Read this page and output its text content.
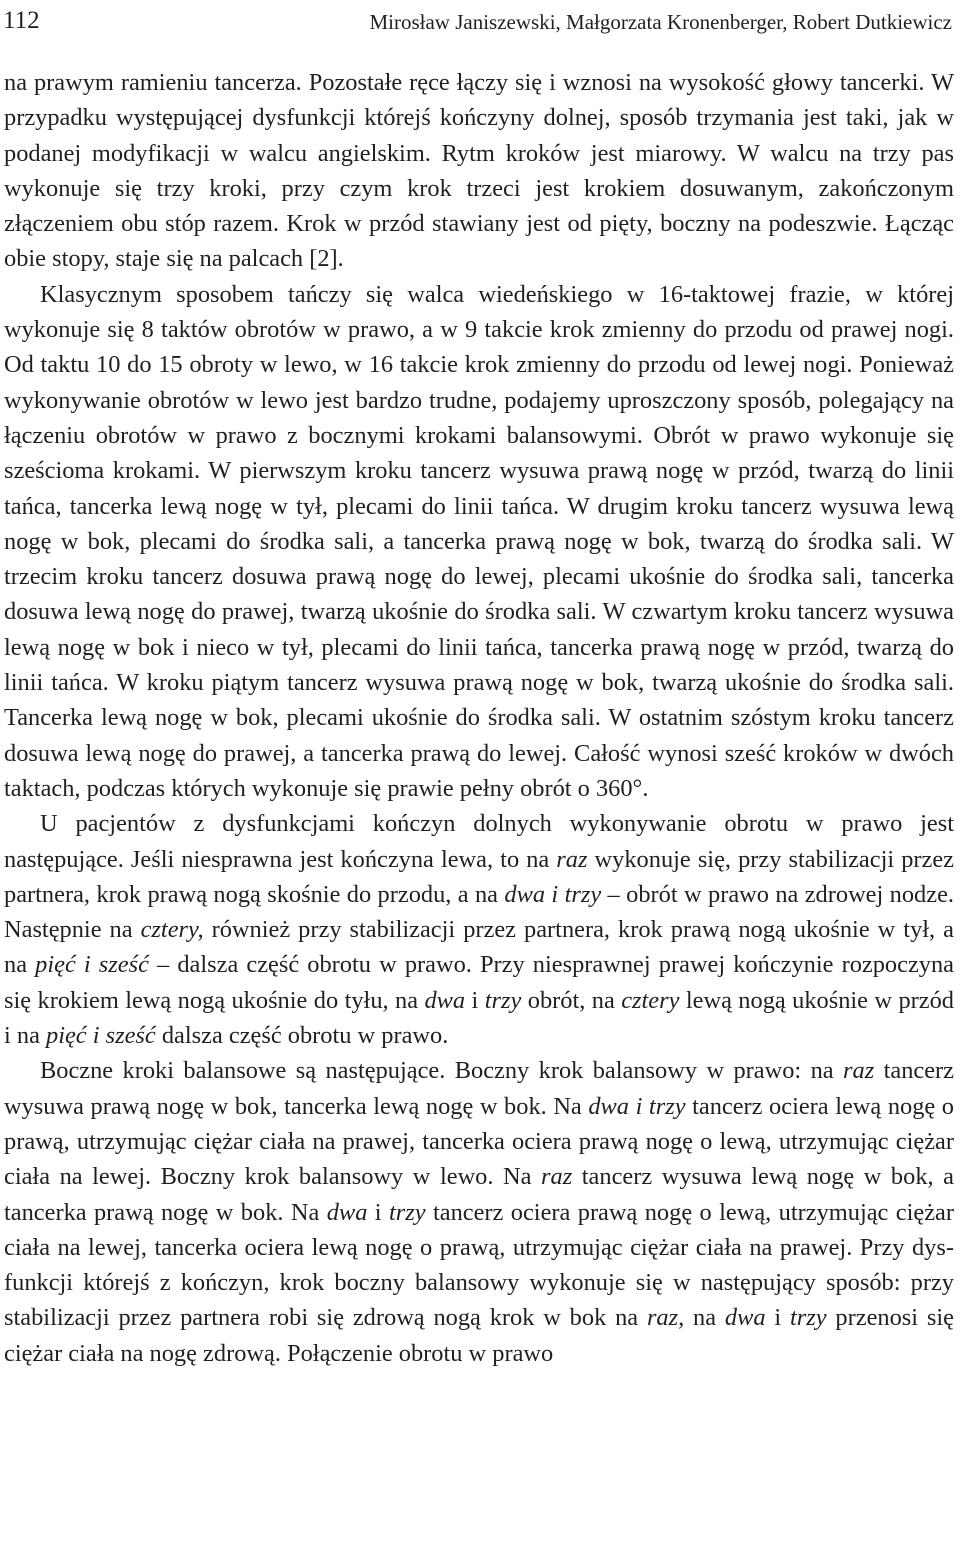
112	Mirosław Janiszewski, Małgorzata Kronenberger, Robert Dutkiewicz

na prawym ramieniu tancerza. Pozostałe ręce łączy się i wznosi na wysokość głowy tancerki. W przypadku występującej dysfunkcji którejś kończyny dolnej, sposób trzymania jest taki, jak w podanej modyfikacji w walcu angielskim. Rytm kroków jest miarowy. W walcu na trzy pas wykonuje się trzy kroki, przy czym krok trzeci jest krokiem dosuwanym, zakończonym złączeniem obu stóp razem. Krok w przód stawiany jest od pięty, boczny na podeszwie. Łącząc obie stopy, staje się na palcach [2].

Klasycznym sposobem tańczy się walca wiedeńskiego w 16-taktowej frazie, w której wykonuje się 8 taktów obrotów w prawo, a w 9 takcie krok zmienny do przodu od prawej nogi. Od taktu 10 do 15 obroty w lewo, w 16 takcie krok zmienny do przodu od lewej nogi. Ponieważ wykonywanie obrotów w lewo jest bardzo trudne, podajemy uproszczony sposób, polegający na łączeniu obrotów w prawo z bocznymi krokami balansowymi. Obrót w prawo wykonuje się sześcioma krokami. W pierwszym kroku tancerz wysuwa prawą nogę w przód, twarzą do linii tańca, tancerka lewą nogę w tył, plecami do linii tańca. W drugim kroku tancerz wysuwa lewą nogę w bok, plecami do środka sali, a tancerka prawą nogę w bok, twarzą do środka sali. W trzecim kroku tancerz dosuwa prawą nogę do lewej, plecami ukośnie do środka sali, tancerka dosuwa lewą nogę do prawej, twarzą ukośnie do środka sali. W czwartym kroku tancerz wysuwa lewą nogę w bok i nieco w tył, plecami do linii tańca, tancerka prawą nogę w przód, twarzą do linii tańca. W kroku piątym tancerz wysuwa prawą nogę w bok, twarzą ukośnie do środka sali. Tancerka lewą nogę w bok, plecami ukośnie do środka sali. W ostatnim szóstym kroku tancerz dosuwa lewą nogę do prawej, a tancerka prawą do lewej. Całość wynosi sześć kroków w dwóch taktach, podczas których wykonuje się prawie pełny obrót o 360°.

U pacjentów z dysfunkcjami kończyn dolnych wykonywanie obrotu w prawo jest następujące. Jeśli niesprawna jest kończyna lewa, to na raz wykonuje się, przy stabilizacji przez partnera, krok prawą nogą skośnie do przodu, a na dwa i trzy – obrót w prawo na zdrowej nodze. Następnie na cztery, również przy stabilizacji przez partnera, krok prawą nogą ukośnie w tył, a na pięć i sześć – dalsza część obrotu w prawo. Przy niesprawnej prawej kończynie rozpoczyna się krokiem lewą nogą ukośnie do tyłu, na dwa i trzy obrót, na cztery lewą nogą ukośnie w przód i na pięć i sześć dalsza część obrotu w prawo.

Boczne kroki balansowe są następujące. Boczny krok balansowy w prawo: na raz tancerz wysuwa prawą nogę w bok, tancerka lewą nogę w bok. Na dwa i trzy tancerz ociera lewą nogę o prawą, utrzymując ciężar ciała na prawej, tancerka ociera prawą nogę o lewą, utrzymując ciężar ciała na lewej. Boczny krok balansowy w lewo. Na raz tancerz wysuwa lewą nogę w bok, a tancerka prawą nogę w bok. Na dwa i trzy tancerz ociera prawą nogę o lewą, utrzymując ciężar ciała na lewej, tancerka ociera lewą nogę o prawą, utrzymując ciężar ciała na prawej. Przy dysfunkcji którejś z kończyn, krok boczny balansowy wykonuje się w następujący sposób: przy stabilizacji przez partnera robi się zdrową nogą krok w bok na raz, na dwa i trzy przenosi się ciężar ciała na nogę zdrową. Połączenie obrotu w prawo
